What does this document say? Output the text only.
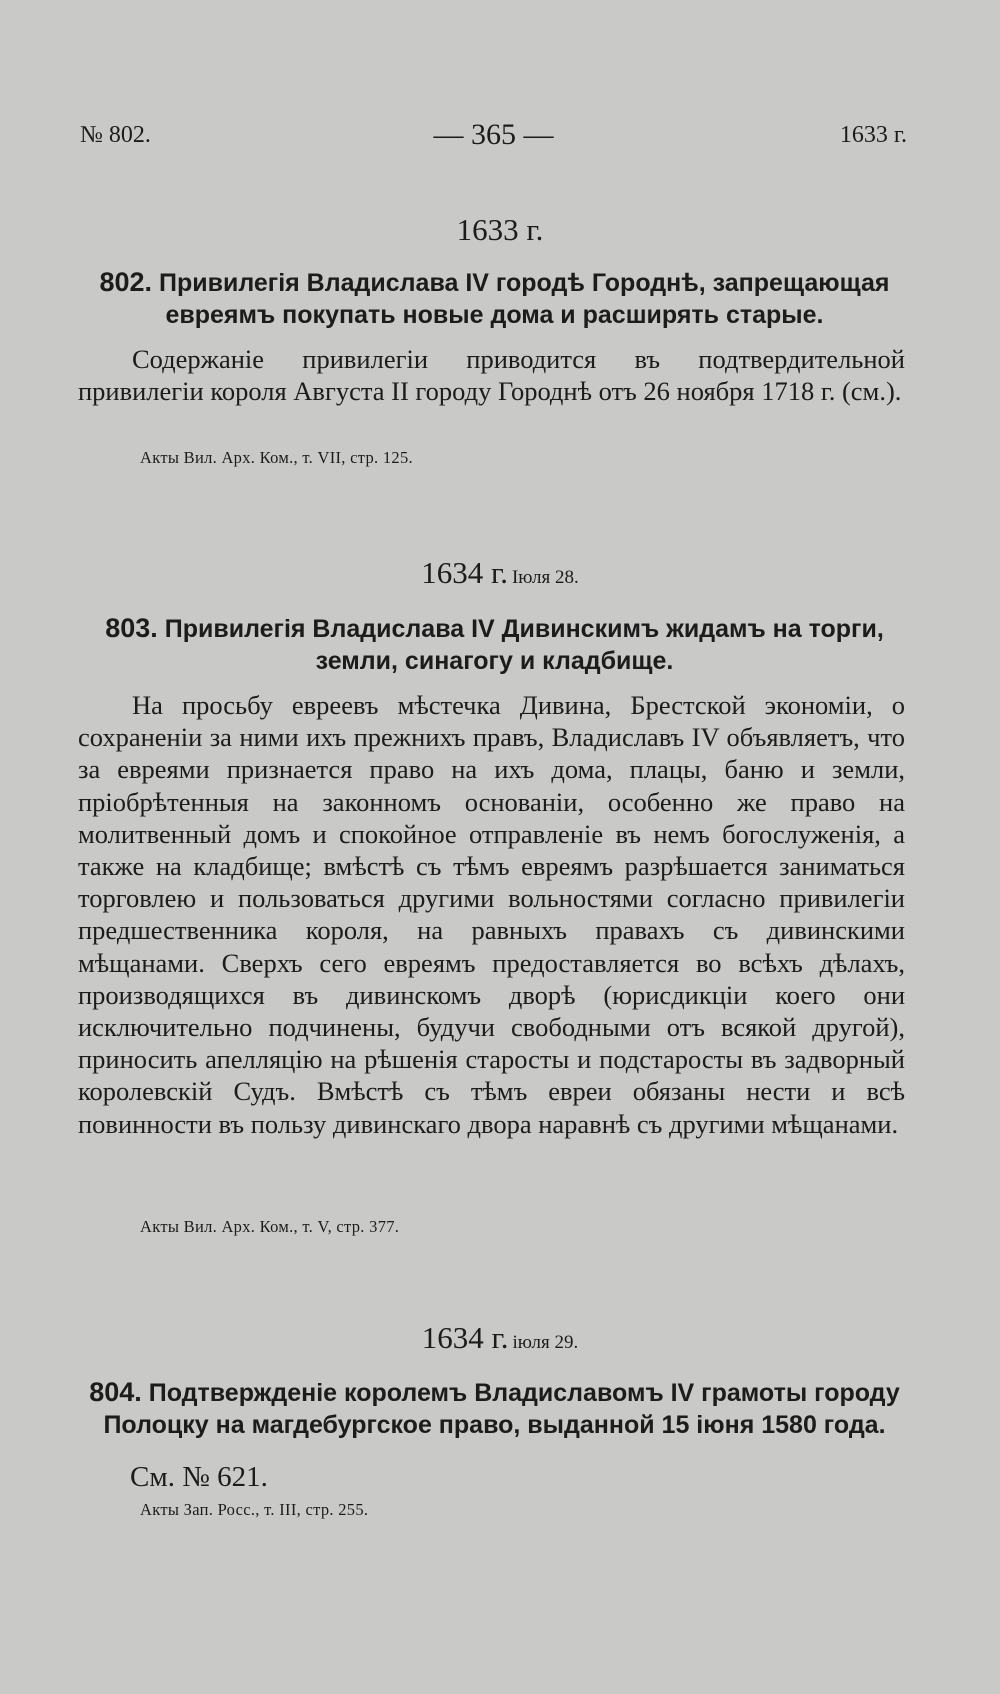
№ 802.	— 365 —	1633 г.
1633 г.
802. Привилегія Владислава IV городѣ Городнѣ, запрещающая евреямъ покупать новые дома и расширять старые.

Содержаніе привилегіи приводится въ подтвердительной привилегіи короля Августа II городу Городнѣ отъ 26 ноября 1718 г. (см.).

Акты Вил. Арх. Ком., т. VII, стр. 125.
1634 г. Іюля 28.
803. Привилегія Владислава IV Дивинскимъ жидамъ на торги, земли, синагогу и кладбище.

На просьбу евреевъ мѣстечка Дивина, Брестской экономіи, о сохраненіи за ними ихъ прежнихъ правъ, Владиславъ IV объявляетъ, что за евреями признается право на ихъ дома, плацы, баню и земли, пріобрѣтенныя на законномъ основаніи, особенно же право на молитвенный домъ и спокойное отправленіе въ немъ богослуженія, а также на кладбище; вмѣстѣ съ тѣмъ евреямъ разрѣшается заниматься торговлею и пользоваться другими вольностями согласно привилегіи предшественника короля, на равныхъ правахъ съ дивинскими мѣщанами. Сверхъ сего евреямъ предоставляется во всѣхъ дѣлахъ, производящихся въ дивинскомъ дворѣ (юрисдикціи коего они исключительно подчинены, будучи свободными отъ всякой другой), приносить апелляцію на рѣшенія старосты и подстаросты въ задворный королевскій Судъ. Вмѣстѣ съ тѣмъ евреи обязаны нести и всѣ повинности въ пользу дивинскаго двора наравнѣ съ другими мѣщанами.

Акты Вил. Арх. Ком., т. V, стр. 377.
1634 г. іюля 29.
804. Подтвержденіе королемъ Владиславомъ IV грамоты городу Полоцку на магдебургское право, выданной 15 іюня 1580 года.
См. № 621.
Акты Зап. Росс., т. III, стр. 255.
